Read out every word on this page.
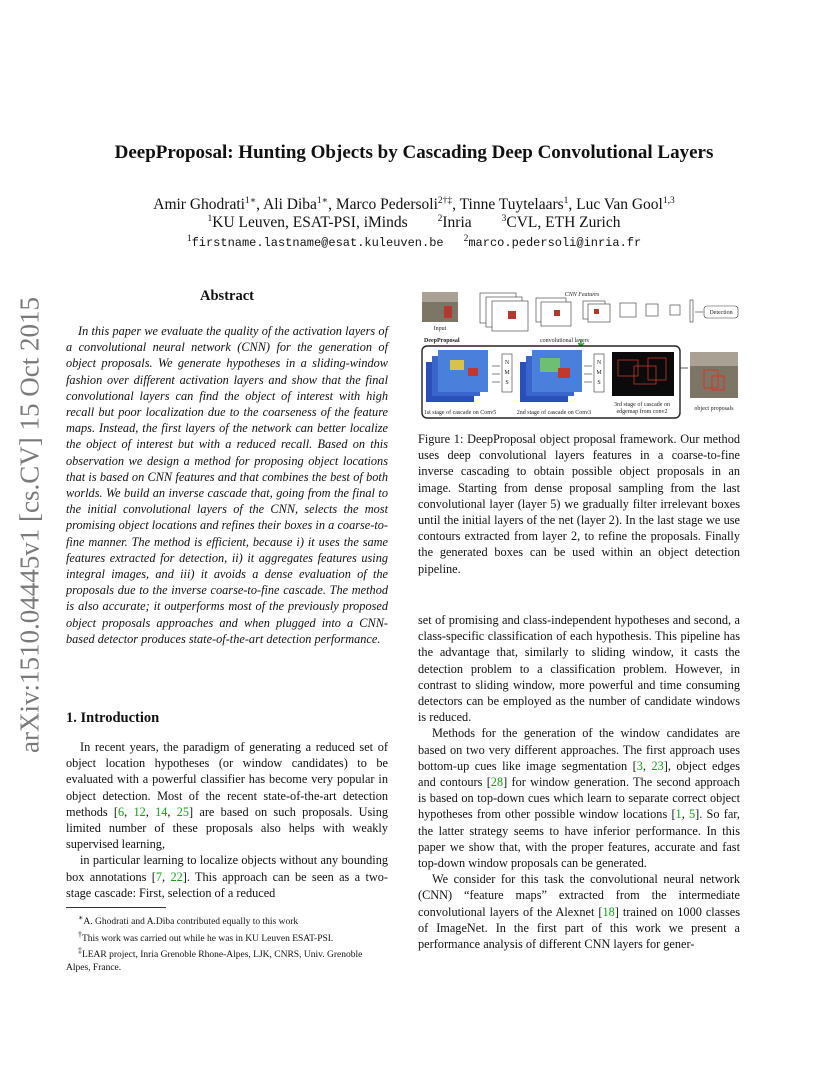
arXiv:1510.04445v1 [cs.CV] 15 Oct 2015
DeepProposal: Hunting Objects by Cascading Deep Convolutional Layers
Amir Ghodrati$^{1∗}$, Ali Diba$^{1∗}$, Marco Pedersoli$^{2\dagger\ddagger}$, Tinne Tuytelaars$^1$, Luc Van Gool$^{1,3}$
$^1$KU Leuven, ESAT-PSI, iMinds	$^2$Inria	$^3$CVL, ETH Zurich
$^1$firstname.lastname@esat.kuleuven.be $^2$marco.pedersoli@inria.fr
Abstract
In this paper we evaluate the quality of the activation layers of a convolutional neural network (CNN) for the generation of object proposals. We generate hypotheses in a sliding-window fashion over different activation layers and show that the final convolutional layers can find the object of interest with high recall but poor localization due to the coarseness of the feature maps. Instead, the first layers of the network can better localize the object of interest but with a reduced recall. Based on this observation we design a method for proposing object locations that is based on CNN features and that combines the best of both worlds. We build an inverse cascade that, going from the final to the initial convolutional layers of the CNN, selects the most promising object locations and refines their boxes in a coarse-to-fine manner. The method is efficient, because i) it uses the same features extracted for detection, ii) it aggregates features using integral images, and iii) it avoids a dense evaluation of the proposals due to the inverse coarse-to-fine cascade. The method is also accurate; it outperforms most of the previously proposed object proposals approaches and when plugged into a CNN-based detector produces state-of-the-art detection performance.
1. Introduction

In recent years, the paradigm of generating a reduced set of object location hypotheses (or window candidates) to be evaluated with a powerful classifier has become very popular in object detection. Most of the recent state-of-the-art detection methods [6, 12, 14, 25] are based on such proposals. Using limited number of these proposals also helps with weakly supervised learning,

in particular learning to localize objects without any bounding box annotations [7, 22]. This approach can be seen as a two-stage cascade: First, selection of a reduced

∗A. Ghodrati and A.Diba contributed equally to this work
†This work was carried out while he was in KU Leuven ESAT-PSI.
‡LEAR project, Inria Grenoble Rhone-Alpes, LJK, CNRS, Univ. Grenoble Alpes, France.
Input
CNN Features
Detection
DeepProposal	convolutional layers
1st stage of cascade on Conv5
N
M
S
2nd stage of cascade on Conv3
N
M
S
3rd stage of cascade on
edgemap from conv2	object proposals
Figure 1: DeepProposal object proposal framework. Our method uses deep convolutional layers features in a coarse-to-fine inverse cascading to obtain possible object proposals in an image. Starting from dense proposal sampling from the last convolutional layer (layer 5) we gradually filter irrelevant boxes until the initial layers of the net (layer 2). In the last stage we use contours extracted from layer 2, to refine the proposals. Finally the generated boxes can be used within an object detection pipeline.

set of promising and class-independent hypotheses and second, a class-specific classification of each hypothesis. This pipeline has the advantage that, similarly to sliding window, it casts the detection problem to a classification problem. However, in contrast to sliding window, more powerful and time consuming detectors can be employed as the number of candidate windows is reduced.

Methods for the generation of the window candidates are based on two very different approaches. The first approach uses bottom-up cues like image segmentation [3, 23], object edges and contours [28] for window generation. The second approach is based on top-down cues which learn to separate correct object hypotheses from other possible window locations [1, 5]. So far, the latter strategy seems to have inferior performance. In this paper we show that, with the proper features, accurate and fast top-down window proposals can be generated.

We consider for this task the convolutional neural network (CNN) “feature maps” extracted from the intermediate convolutional layers of the Alexnet [18] trained on 1000 classes of ImageNet. In the first part of this work we present a performance analysis of different CNN layers for gener-
